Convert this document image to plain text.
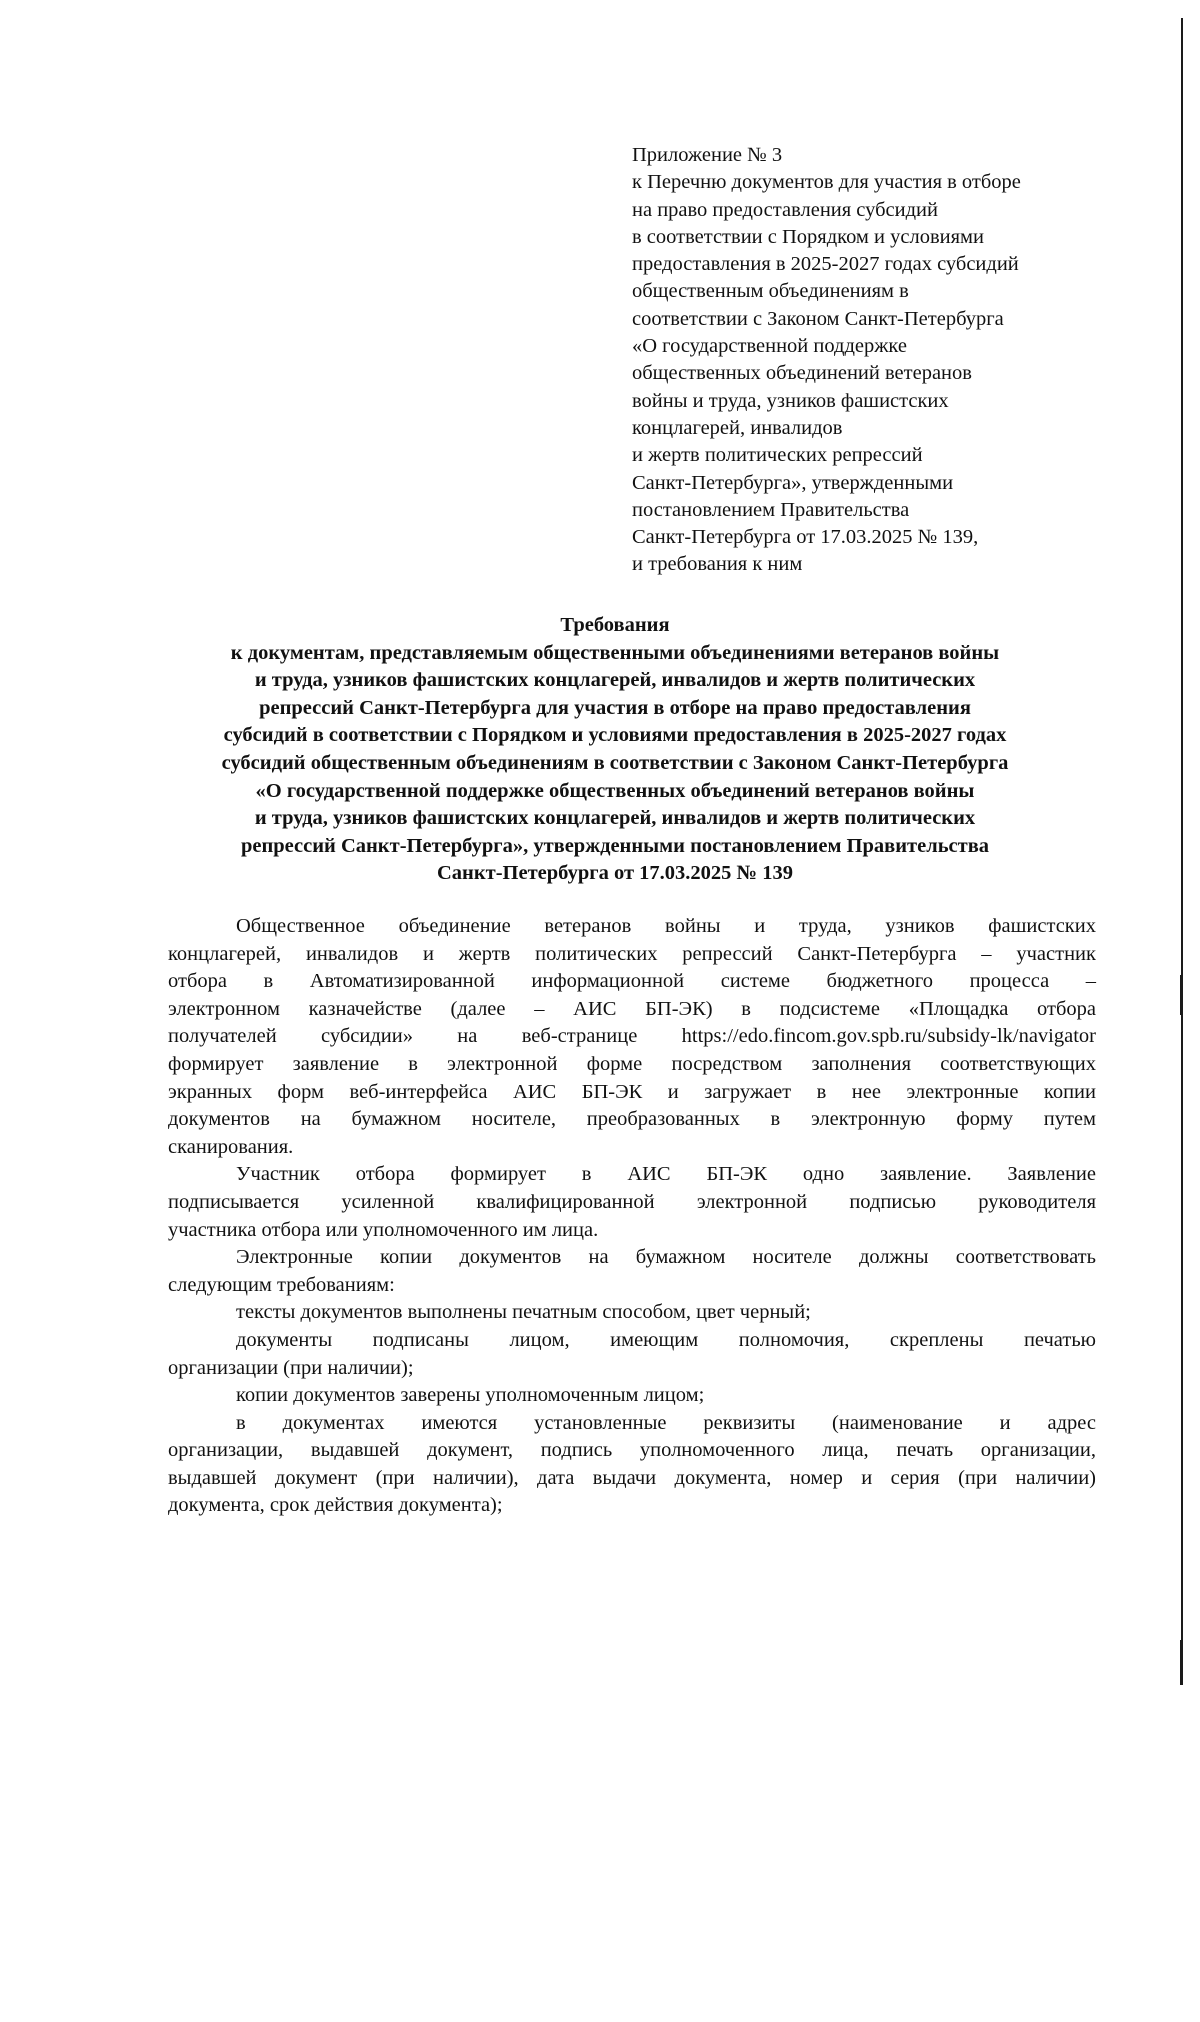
Приложение № 3
к Перечню документов для участия в отборе
на право предоставления субсидий
в соответствии с Порядком и условиями
предоставления в 2025-2027 годах субсидий
общественным объединениям в
соответствии с Законом Санкт-Петербурга
«О государственной поддержке
общественных объединений ветеранов
войны и труда, узников фашистских
концлагерей, инвалидов
и жертв политических репрессий
Санкт-Петербурга», утвержденными
постановлением Правительства
Санкт-Петербурга от 17.03.2025 № 139,
и требования к ним
Требования
к документам, представляемым общественными объединениями ветеранов войны
и труда, узников фашистских концлагерей, инвалидов и жертв политических
репрессий Санкт-Петербурга для участия в отборе на право предоставления
субсидий в соответствии с Порядком и условиями предоставления в 2025-2027 годах
субсидий общественным объединениям в соответствии с Законом Санкт-Петербурга
«О государственной поддержке общественных объединений ветеранов войны
и труда, узников фашистских концлагерей, инвалидов и жертв политических
репрессий Санкт-Петербурга», утвержденными постановлением Правительства
Санкт-Петербурга от 17.03.2025 № 139
Общественное объединение ветеранов войны и труда, узников фашистских
концлагерей, инвалидов и жертв политических репрессий Санкт-Петербурга – участник
отбора в Автоматизированной информационной системе бюджетного процесса –
электронном казначействе (далее – АИС БП-ЭК) в подсистеме «Площадка отбора
получателей субсидии» на веб-странице https://edo.fincom.gov.spb.ru/subsidy-lk/navigator
формирует заявление в электронной форме посредством заполнения соответствующих
экранных форм веб-интерфейса АИС БП-ЭК и загружает в нее электронные копии
документов на бумажном носителе, преобразованных в электронную форму путем
сканирования.
Участник отбора формирует в АИС БП-ЭК одно заявление. Заявление
подписывается усиленной квалифицированной электронной подписью руководителя
участника отбора или уполномоченного им лица.
Электронные копии документов на бумажном носителе должны соответствовать
следующим требованиям:
тексты документов выполнены печатным способом, цвет черный;
документы подписаны лицом, имеющим полномочия, скреплены печатью
организации (при наличии);
копии документов заверены уполномоченным лицом;
в документах имеются установленные реквизиты (наименование и адрес
организации, выдавшей документ, подпись уполномоченного лица, печать организации,
выдавшей документ (при наличии), дата выдачи документа, номер и серия (при наличии)
документа, срок действия документа);
